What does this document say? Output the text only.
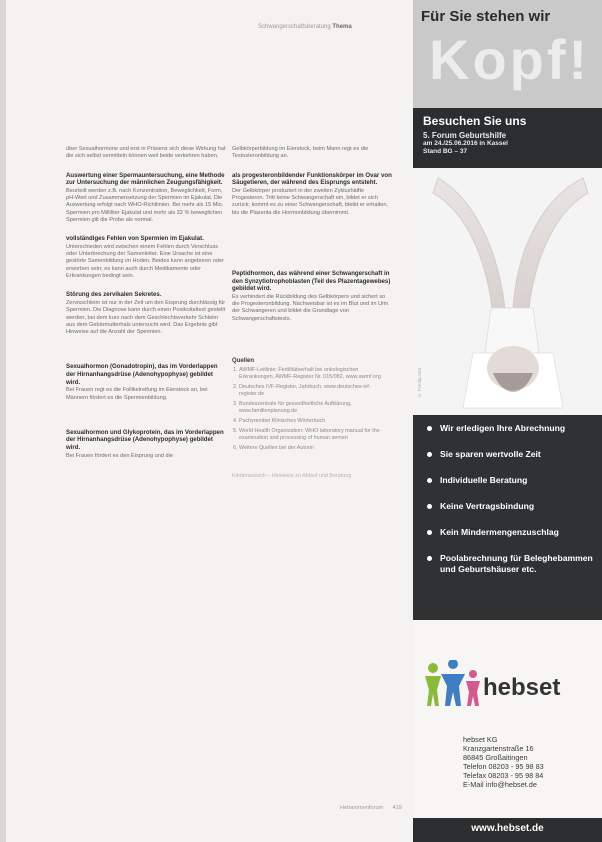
Schwangerschaftsberatung Thema

über Sexualhormone und erst in Präsenz sich diese Wirkung hat die sich selbst vermitteln können weil beide verkehren haben.

Auswertung einer Spermauntersuchung, eine Methode zur Untersuchung der männlichen Zeugungsfähigkeit.

Beurteilt werden z.B. nach Konzentration, Beweglichkeit, Form, pH-Wert und Zusammensetzung der Spermien im Ejakulat. Die Auswertung erfolgt nach WHO-Richtlinien. Bei mehr als 15 Mio. Spermien pro Milliliter Ejakulat und mehr als 32 % beweglichen Spermien gilt die Probe als normal.

vollständiges Fehlen von Spermien im Ejakulat.

Unterschieden wird zwischen einem Fehlen durch Verschluss oder Unterbrechung der Samenleiter. Eine Ursache ist eine gestörte Samenbildung im Hoden. Beides kann angeboren oder erworben sein; es kann auch durch Medikamente oder Erkrankungen bedingt sein.

Störung des zervikalen Sekretes.

Zervixschleim ist nur in der Zeit um den Eisprung durchlässig für Spermien. Die Diagnose kann durch einen Postkoitaltest gestellt werden, bei dem kurz nach dem Geschlechtsverkehr Schleim aus dem Gebärmutterhals untersucht wird. Das Ergebnis gibt Hinweise auf die Anzahl der Spermien.

Sexualhormon (Gonadotropin), das im Vorderlappen der Hirnanhangsdrüse (Adenohypophyse) gebildet wird.

Bei Frauen regt es die Follikelreifung im Eierstock an, bei Männern fördert es die Spermienbildung.

Sexualhormon und Glykoprotein, das im Vorderlappen der Hirnanhangsdrüse (Adenohypophyse) gebildet wird.

Bei Frauen fördert es den Eisprung und die

Gelbkörperbildung im Eierstock, beim Mann regt es die Testosteronbildung an.

als progesteronbildender Funktionskörper im Ovar von Säugetieren, der während des Eisprungs entsteht.

Der Gelbkörper produziert in der zweiten Zyklushälfte Progesteron. Tritt keine Schwangerschaft ein, bildet er sich zurück; kommt es zu einer Schwangerschaft, bleibt er erhalten, bis die Plazenta die Hormonbildung übernimmt.

Peptidhormon, das während einer Schwangerschaft in den Synzytiotrophoblasten (Teil des Plazentagewebes) gebildet wird.

Es verhindert die Rückbildung des Gelbkörpers und sichert so die Progesteronbildung. Nachweisbar ist es im Blut und im Urin der Schwangeren und bildet die Grundlage von Schwangerschaftstests.

Quellen
1. AWMF-Leitlinie: Fertilitätserhalt bei onkologischen Erkrankungen, AWMF-Register Nr. 015/082, www.awmf.org
2. Deutsches IVF-Register, Jahrbuch, www.deutsches-ivf-register.de
3. Bundeszentrale für gesundheitliche Aufklärung, www.familienplanung.de
4. Pschyrembel Klinisches Wörterbuch
5. World Health Organization: WHO laboratory manual for the examination and processing of human semen
6. Weitere Quellen bei der Autorin
Kinderwunsch – Hinweise zu Ablauf und Beratung
Hebammenforum 419
Kopf!
Für Sie stehen wir
Besuchen Sie uns
5. Forum Geburtshilfe
am 24./25.06.2016 in Kassel
Stand BG – 37
© Fotolia.com
Wir erledigen Ihre Abrechnung
Sie sparen wertvolle Zeit
Individuelle Beratung
Keine Vertragsbindung
Kein Mindermengenzuschlag
Poolabrechnung für Beleghebammen und Geburtshäuser etc.
hebset
hebset KG
Kranzgartenstraße 16
86845 Großaitingen
Telefon 08203 - 95 98 83
Telefax 08203 - 95 98 84
E-Mail info@hebset.de
www.hebset.de
